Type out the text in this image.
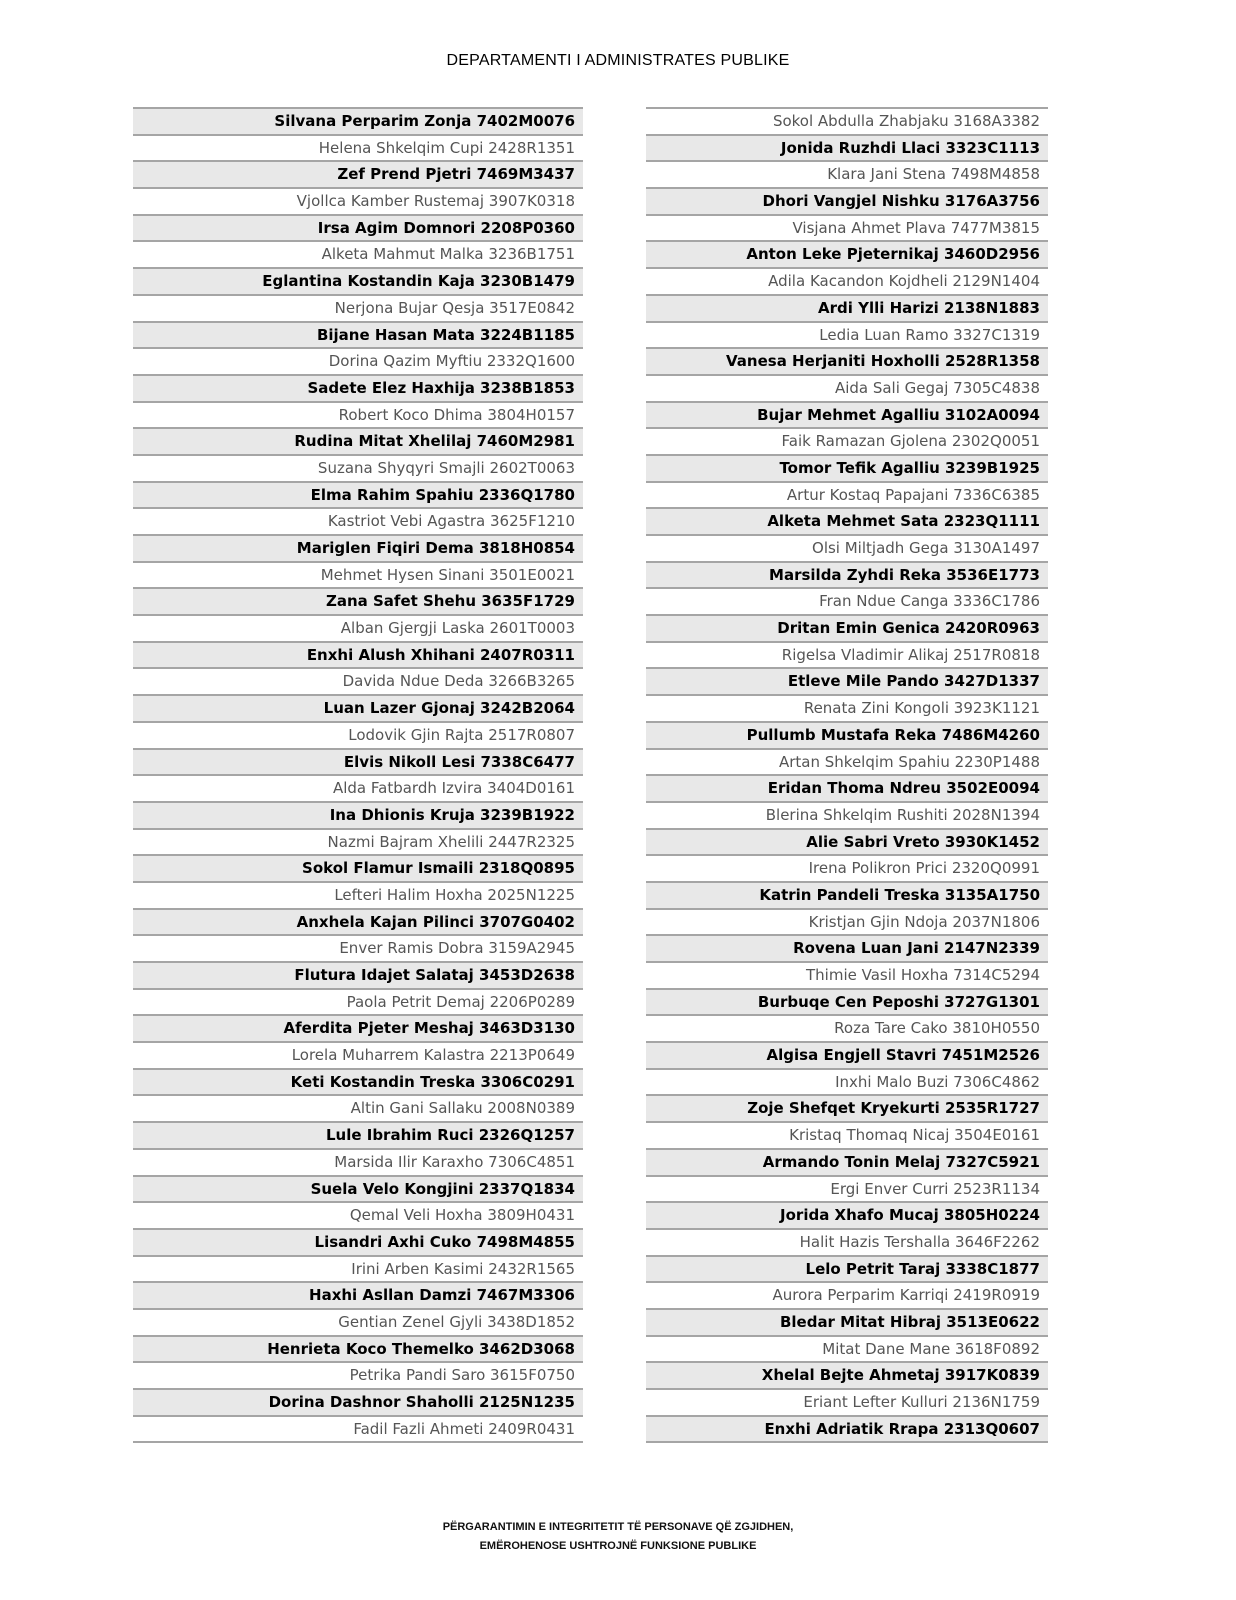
DEPARTAMENTI I ADMINISTRATES PUBLIKE
Silvana Perparim Zonja 7402M0076
Helena Shkelqim Cupi 2428R1351
Zef Prend Pjetri 7469M3437
Vjollca Kamber Rustemaj 3907K0318
Irsa Agim Domnori 2208P0360
Alketa Mahmut Malka 3236B1751
Eglantina Kostandin Kaja 3230B1479
Nerjona Bujar Qesja 3517E0842
Bijane Hasan Mata 3224B1185
Dorina Qazim Myftiu 2332Q1600
Sadete Elez Haxhija 3238B1853
Robert Koco Dhima 3804H0157
Rudina Mitat Xhelilaj 7460M2981
Suzana Shyqyri Smajli 2602T0063
Elma Rahim Spahiu 2336Q1780
Kastriot Vebi Agastra 3625F1210
Mariglen Fiqiri Dema 3818H0854
Mehmet Hysen Sinani 3501E0021
Zana Safet Shehu 3635F1729
Alban Gjergji Laska 2601T0003
Enxhi Alush Xhihani 2407R0311
Davida Ndue Deda 3266B3265
Luan Lazer Gjonaj 3242B2064
Lodovik Gjin Rajta 2517R0807
Elvis Nikoll Lesi 7338C6477
Alda Fatbardh Izvira 3404D0161
Ina Dhionis Kruja 3239B1922
Nazmi Bajram Xhelili 2447R2325
Sokol Flamur Ismaili 2318Q0895
Lefteri Halim Hoxha 2025N1225
Anxhela Kajan Pilinci 3707G0402
Enver Ramis Dobra 3159A2945
Flutura Idajet Salataj 3453D2638
Paola Petrit Demaj 2206P0289
Aferdita Pjeter Meshaj 3463D3130
Lorela Muharrem Kalastra 2213P0649
Keti Kostandin Treska 3306C0291
Altin Gani Sallaku 2008N0389
Lule Ibrahim Ruci 2326Q1257
Marsida Ilir Karaxho 7306C4851
Suela Velo Kongjini 2337Q1834
Qemal Veli Hoxha 3809H0431
Lisandri Axhi Cuko 7498M4855
Irini Arben Kasimi 2432R1565
Haxhi Asllan Damzi 7467M3306
Gentian Zenel Gjyli 3438D1852
Henrieta Koco Themelko 3462D3068
Petrika Pandi Saro 3615F0750
Dorina Dashnor Shaholli 2125N1235
Fadil Fazli Ahmeti 2409R0431
Sokol Abdulla Zhabjaku 3168A3382
Jonida Ruzhdi Llaci 3323C1113
Klara Jani Stena 7498M4858
Dhori Vangjel Nishku 3176A3756
Visjana Ahmet Plava 7477M3815
Anton Leke Pjeternikaj 3460D2956
Adila Kacandon Kojdheli 2129N1404
Ardi Ylli Harizi 2138N1883
Ledia Luan Ramo 3327C1319
Vanesa Herjaniti Hoxholli 2528R1358
Aida Sali Gegaj 7305C4838
Bujar Mehmet Agalliu 3102A0094
Faik Ramazan Gjolena 2302Q0051
Tomor Tefik Agalliu 3239B1925
Artur Kostaq Papajani 7336C6385
Alketa Mehmet Sata 2323Q1111
Olsi Miltjadh Gega 3130A1497
Marsilda Zyhdi Reka 3536E1773
Fran Ndue Canga 3336C1786
Dritan Emin Genica 2420R0963
Rigelsa Vladimir Alikaj 2517R0818
Etleve Mile Pando 3427D1337
Renata Zini Kongoli 3923K1121
Pullumb Mustafa Reka 7486M4260
Artan Shkelqim Spahiu 2230P1488
Eridan Thoma Ndreu 3502E0094
Blerina Shkelqim Rushiti 2028N1394
Alie Sabri Vreto 3930K1452
Irena Polikron Prici 2320Q0991
Katrin Pandeli Treska 3135A1750
Kristjan Gjin Ndoja 2037N1806
Rovena Luan Jani 2147N2339
Thimie Vasil Hoxha 7314C5294
Burbuqe Cen Peposhi 3727G1301
Roza Tare Cako 3810H0550
Algisa Engjell Stavri 7451M2526
Inxhi Malo Buzi 7306C4862
Zoje Shefqet Kryekurti 2535R1727
Kristaq Thomaq Nicaj 3504E0161
Armando Tonin Melaj 7327C5921
Ergi Enver Curri 2523R1134
Jorida Xhafo Mucaj 3805H0224
Halit Hazis Tershalla 3646F2262
Lelo Petrit Taraj 3338C1877
Aurora Perparim Karriqi 2419R0919
Bledar Mitat Hibraj 3513E0622
Mitat Dane Mane 3618F0892
Xhelal Bejte Ahmetaj 3917K0839
Eriant Lefter Kulluri 2136N1759
Enxhi Adriatik Rrapa 2313Q0607
PËRGARANTIMIN E INTEGRITETIT TË PERSONAVE QË ZGJIDHEN,
EMËROHENOSE USHTROJNË FUNKSIONE PUBLIKE
